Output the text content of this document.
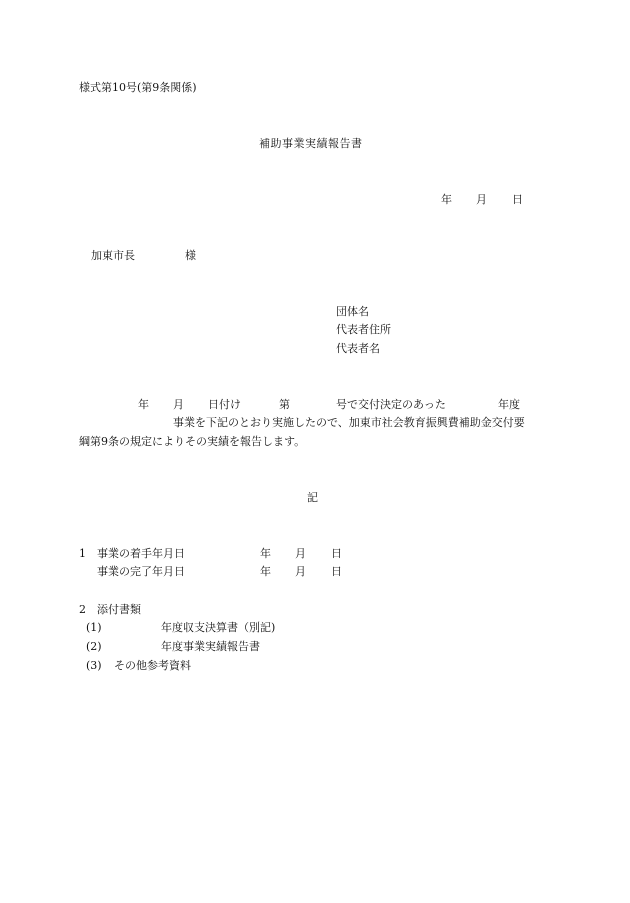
様式第10号(第9条関係)
補助事業実績報告書
年 月 日
加東市長	様
団体名
代表者住所
代表者名
年 月 日付け	第	号で交付決定のあった	年度
事業を下記のとおり実施したので、加東市社会教育振興費補助金交付要
綱第9条の規定によりその実績を報告します。
記
1 事業の着手年月日	年 月 日
事業の完了年月日	年 月 日
2 添付書類
(1)	年度収支決算書（別記)
(2)	年度事業実績報告書
(3) その他参考資料
